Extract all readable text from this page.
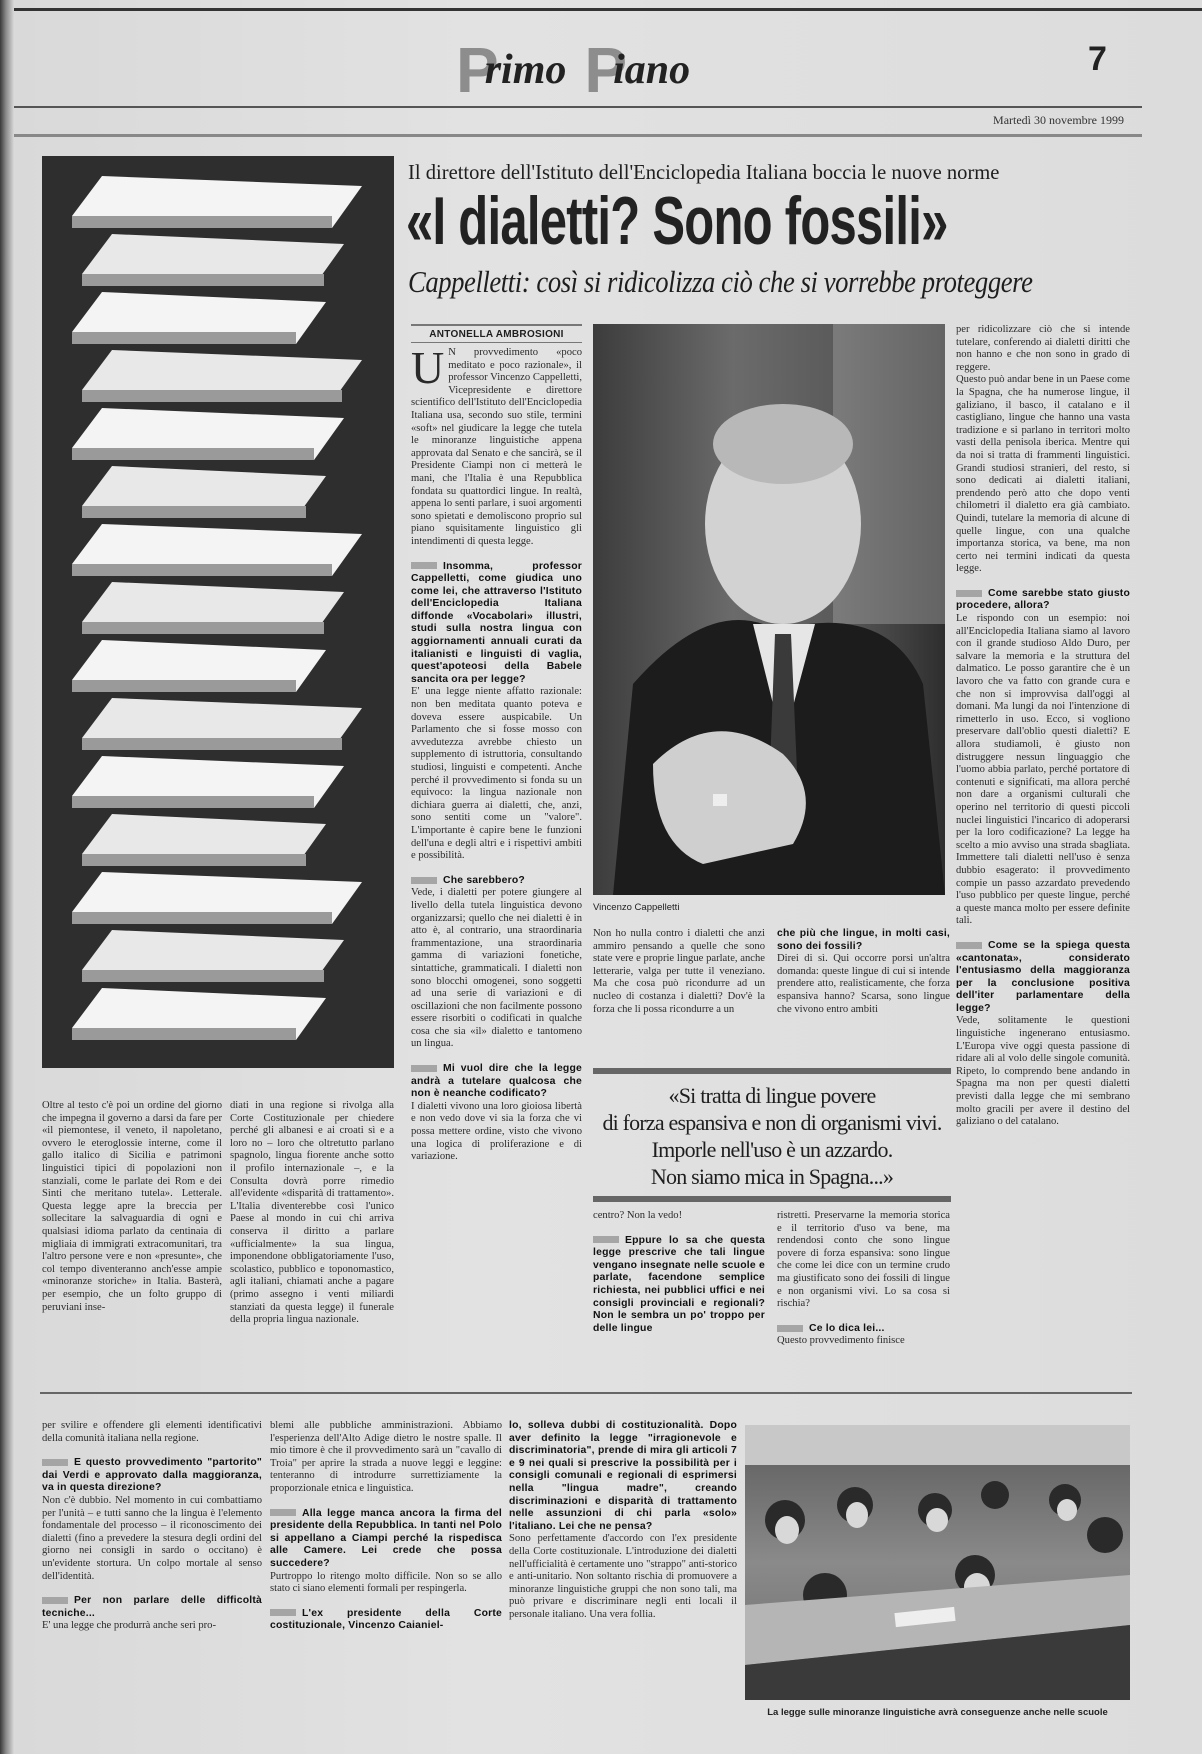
Primo Piano	7
Martedì 30 novembre 1999
Il direttore dell'Istituto dell'Enciclopedia Italiana boccia le nuove norme
«I dialetti? Sono fossili»
Cappelletti: così si ridicolizza ciò che si vorrebbe proteggere
ANTONELLA AMBROSIONI
Vincenzo Cappelletti

U N provvedimento «poco meditato e poco razionale», il professor Vincenzo Cappelletti, Vicepresidente e direttore scientifico dell'Istituto dell'Enciclopedia Italiana usa, secondo suo stile, termini «soft» nel giudicare la legge che tutela le minoranze linguistiche appena approvata dal Senato e che sancirà, se il Presidente Ciampi non ci metterà le mani, che l'Italia è una Repubblica fondata su quattordici lingue. In realtà, appena lo senti parlare, i suoi argomenti sono spietati e demoliscono proprio sul piano squisitamente linguistico gli intendimenti di questa legge.

Insomma, professor Cappelletti, come giudica uno come lei, che attraverso l'Istituto dell'Enciclopedia Italiana diffonde «Vocabolari» illustri, studi sulla nostra lingua con aggiornamenti annuali curati da italianisti e linguisti di vaglia, quest'apoteosi della Babele sancita ora per legge?

E' una legge niente affatto razionale: non ben meditata quanto poteva e doveva essere auspicabile. Un Parlamento che si fosse mosso con avvedutezza avrebbe chiesto un supplemento di istruttoria, consultando studiosi, linguisti e competenti. Anche perché il provvedimento si fonda su un equivoco: la lingua nazionale non dichiara guerra ai dialetti, che, anzi, sono sentiti come un "valore". L'importante è capire bene le funzioni dell'una e degli altri e i rispettivi ambiti e possibilità.

Che sarebbero?

Vede, i dialetti per potere giungere al livello della tutela linguistica devono organizzarsi; quello che nei dialetti è in atto è, al contrario, una straordinaria frammentazione, una straordinaria gamma di variazioni fonetiche, sintattiche, grammaticali. I dialetti non sono blocchi omogenei, sono soggetti ad una serie di variazioni e di oscillazioni che non facilmente possono essere risorbiti o codificati in qualche cosa che sia «il» dialetto e tantomeno un lingua.

Mi vuol dire che la legge andrà a tutelare qualcosa che non è neanche codificato?

I dialetti vivono una loro gioiosa libertà e non vedo dove vi sia la forza che vi possa mettere ordine, visto che vivono una logica di proliferazione e di variazione.

Non ho nulla contro i dialetti che anzi ammiro pensando a quelle che sono state vere e proprie lingue parlate, anche letterarie, valga per tutte il veneziano. Ma che cosa può ricondurre ad un nucleo di costanza i dialetti? Dov'è la forza che li possa ricondurre a un

che più che lingue, in molti casi, sono dei fossili?

Direi di sì. Qui occorre porsi un'altra domanda: queste lingue di cui si intende prendere atto, realisticamente, che forza espansiva hanno? Scarsa, sono lingue che vivono entro ambiti

«Si tratta di lingue povere
di forza espansiva e non di organismi vivi.
Imporle nell'uso è un azzardo.
Non siamo mica in Spagna...»

centro? Non la vedo!

Eppure lo sa che questa legge prescrive che tali lingue vengano insegnate nelle scuole e parlate, facendone semplice richiesta, nei pubblici uffici e nei consigli provinciali e regionali? Non le sembra un po' troppo per delle lingue

ristretti. Preservarne la memoria storica e il territorio d'uso va bene, ma rendendosi conto che sono lingue povere di forza espansiva: sono lingue che come lei dice con un termine crudo ma giustificato sono dei fossili di lingue e non organismi vivi. Lo sa cosa si rischia?

Ce lo dica lei...

Questo provvedimento finisce

per ridicolizzare ciò che si intende tutelare, conferendo ai dialetti diritti che non hanno e che non sono in grado di reggere.

Questo può andar bene in un Paese come la Spagna, che ha numerose lingue, il galiziano, il basco, il catalano e il castigliano, lingue che hanno una vasta tradizione e si parlano in territori molto vasti della penisola iberica. Mentre qui da noi si tratta di frammenti linguistici. Grandi studiosi stranieri, del resto, si sono dedicati ai dialetti italiani, prendendo però atto che dopo venti chilometri il dialetto era già cambiato. Quindi, tutelare la memoria di alcune di quelle lingue, con una qualche importanza storica, va bene, ma non certo nei termini indicati da questa legge.

Come sarebbe stato giusto procedere, allora?

Le rispondo con un esempio: noi all'Enciclopedia Italiana siamo al lavoro con il grande studioso Aldo Duro, per salvare la memoria e la struttura del dalmatico. Le posso garantire che è un lavoro che va fatto con grande cura e che non si improvvisa dall'oggi al domani. Ma lungi da noi l'intenzione di rimetterlo in uso. Ecco, si vogliono preservare dall'oblio questi dialetti? E allora studiamoli, è giusto non distruggere nessun linguaggio che l'uomo abbia parlato, perché portatore di contenuti e significati, ma allora perché non dare a organismi culturali che operino nel territorio di questi piccoli nuclei linguistici l'incarico di adoperarsi per la loro codificazione? La legge ha scelto a mio avviso una strada sbagliata. Immettere tali dialetti nell'uso è senza dubbio esagerato: il provvedimento compie un passo azzardato prevedendo l'uso pubblico per queste lingue, perché a queste manca molto per essere definite tali.

Come se la spiega questa «cantonata», considerato l'entusiasmo della maggioranza per la conclusione positiva dell'iter parlamentare della legge?

Vede, solitamente le questioni linguistiche ingenerano entusiasmo. L'Europa vive oggi questa passione di ridare ali al volo delle singole comunità. Ripeto, lo comprendo bene andando in Spagna ma non per questi dialetti previsti dalla legge che mi sembrano molto gracili per avere il destino del galiziano o del catalano.

Oltre al testo c'è poi un ordine del giorno che impegna il governo a darsi da fare per «il piemontese, il veneto, il napoletano, ovvero le eteroglossie interne, come il gallo italico di Sicilia e patrimoni linguistici tipici di popolazioni non stanziali, come le parlate dei Rom e dei Sinti che meritano tutela». Letterale. Questa legge apre la breccia per sollecitare la salvaguardia di ogni e qualsiasi idioma parlato da centinaia di migliaia di immigrati extracomunitari, tra l'altro persone vere e non «presunte», che col tempo diventeranno anch'esse ampie «minoranze storiche» in Italia. Basterà, per esempio, che un folto gruppo di peruviani inse-

diati in una regione si rivolga alla Corte Costituzionale per chiedere perché gli albanesi e ai croati sì e a loro no – loro che oltretutto parlano spagnolo, lingua fiorente anche sotto il profilo internazionale –, e la Consulta dovrà porre rimedio all'evidente «disparità di trattamento». L'Italia diventerebbe così l'unico Paese al mondo in cui chi arriva conserva il diritto a parlare «ufficialmente» la sua lingua, imponendone obbligatoriamente l'uso, scolastico, pubblico e toponomastico, agli italiani, chiamati anche a pagare (primo assegno i venti miliardi stanziati da questa legge) il funerale della propria lingua nazionale.

per svilire e offendere gli elementi identificativi della comunità italiana nella regione.

E questo provvedimento "partorito" dai Verdi e approvato dalla maggioranza, va in questa direzione?

Non c'è dubbio. Nel momento in cui combattiamo per l'unità – e tutti sanno che la lingua è l'elemento fondamentale del processo – il riconoscimento dei dialetti (fino a prevedere la stesura degli ordini del giorno nei consigli in sardo o occitano) è un'evidente stortura. Un colpo mortale al senso dell'identità.

Per non parlare delle difficoltà tecniche...

E' una legge che produrrà anche seri pro-

blemi alle pubbliche amministrazioni. Abbiamo l'esperienza dell'Alto Adige dietro le nostre spalle. Il mio timore è che il provvedimento sarà un "cavallo di Troia" per aprire la strada a nuove leggi e leggine: tenteranno di introdurre surrettiziamente la proporzionale etnica e linguistica.

Alla legge manca ancora la firma del presidente della Repubblica. In tanti nel Polo si appellano a Ciampi perché la rispedisca alle Camere. Lei crede che possa succedere?

Purtroppo lo ritengo molto difficile. Non so se allo stato ci siano elementi formali per respingerla.

L'ex presidente della Corte costituzionale, Vincenzo Caianiel-

lo, solleva dubbi di costituzionalità. Dopo aver definito la legge "irragionevole e discriminatoria", prende di mira gli articoli 7 e 9 nei quali si prescrive la possibilità per i consigli comunali e regionali di esprimersi nella "lingua madre", creando discriminazioni e disparità di trattamento nelle assunzioni di chi parla «solo» l'italiano. Lei che ne pensa?

Sono perfettamente d'accordo con l'ex presidente della Corte costituzionale. L'introduzione dei dialetti nell'ufficialità è certamente uno "strappo" anti-storico e anti-unitario. Non soltanto rischia di promuovere a minoranze linguistiche gruppi che non sono tali, ma può privare e discriminare negli enti locali il personale italiano. Una vera follia.

La legge sulle minoranze linguistiche avrà conseguenze anche nelle scuole
